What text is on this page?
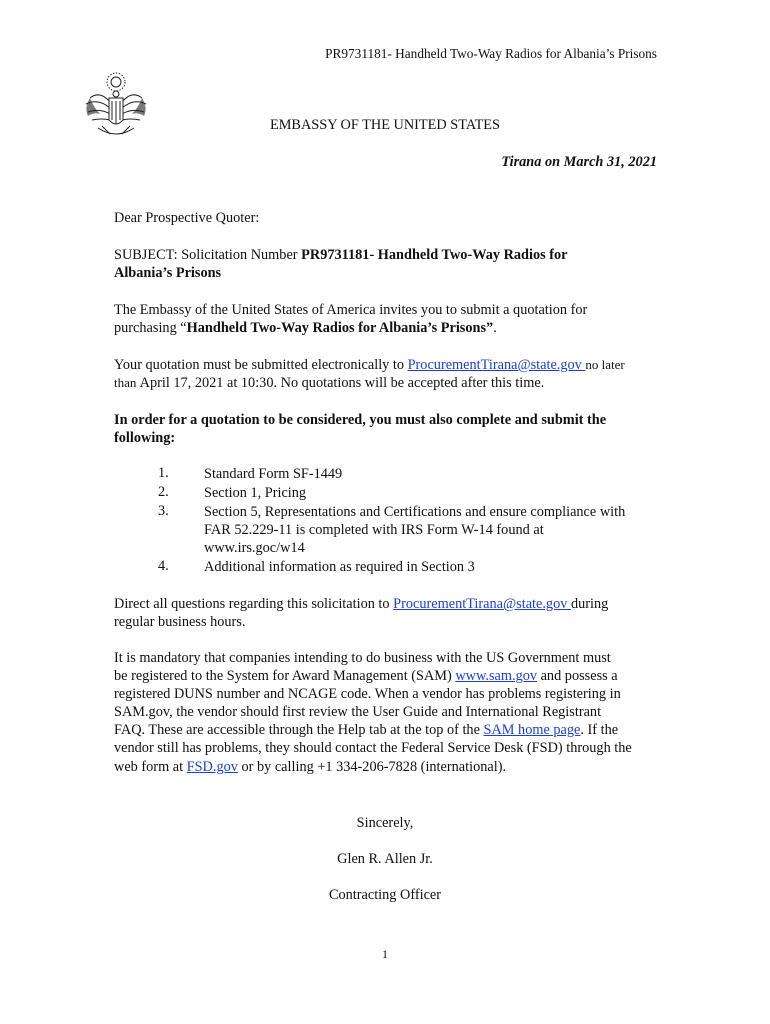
PR9731181- Handheld Two-Way Radios for Albania’s Prisons
EMBASSY OF THE UNITED STATES
Tirana on March 31, 2021
Dear Prospective Quoter:
SUBJECT: Solicitation Number PR9731181- Handheld Two-Way Radios for
Albania’s Prisons
The Embassy of the United States of America invites you to submit a quotation for
purchasing “Handheld Two-Way Radios for Albania’s Prisons”.
Your quotation must be submitted electronically to ProcurementTirana@state.gov no later
than April 17, 2021 at 10:30. No quotations will be accepted after this time.
In order for a quotation to be considered, you must also complete and submit the
following:
1. Standard Form SF-1449
2. Section 1, Pricing
3. Section 5, Representations and Certifications and ensure compliance with
FAR 52.229-11 is completed with IRS Form W-14 found at
www.irs.goc/w14
4. Additional information as required in Section 3
Direct all questions regarding this solicitation to ProcurementTirana@state.gov during
regular business hours.
It is mandatory that companies intending to do business with the US Government must
be registered to the System for Award Management (SAM) www.sam.gov and possess a
registered DUNS number and NCAGE code. When a vendor has problems registering in
SAM.gov, the vendor should first review the User Guide and International Registrant
FAQ. These are accessible through the Help tab at the top of the SAM home page. If the
vendor still has problems, they should contact the Federal Service Desk (FSD) through the
web form at FSD.gov or by calling +1 334-206-7828 (international).
Sincerely,
Glen R. Allen Jr.
Contracting Officer
1
